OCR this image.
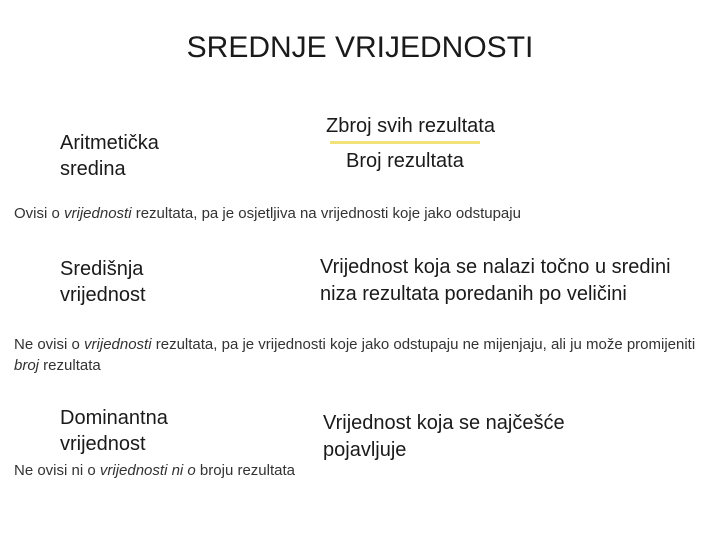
SREDNJE VRIJEDNOSTI
Aritmetička
sredina
Zbroj svih rezultata
Broj rezultata
Ovisi o vrijednosti rezultata, pa je osjetljiva na vrijednosti koje jako odstupaju
Središnja
vrijednost
Vrijednost koja se nalazi točno u sredini
niza rezultata poredanih po veličini
Ne ovisi o vrijednosti rezultata, pa je vrijednosti koje jako odstupaju ne mijenjaju, ali ju može promijeniti broj rezultata
Dominantna
vrijednost
Vrijednost koja se najčešće
pojavljuje
Ne ovisi ni o vrijednosti ni o broju rezultata
